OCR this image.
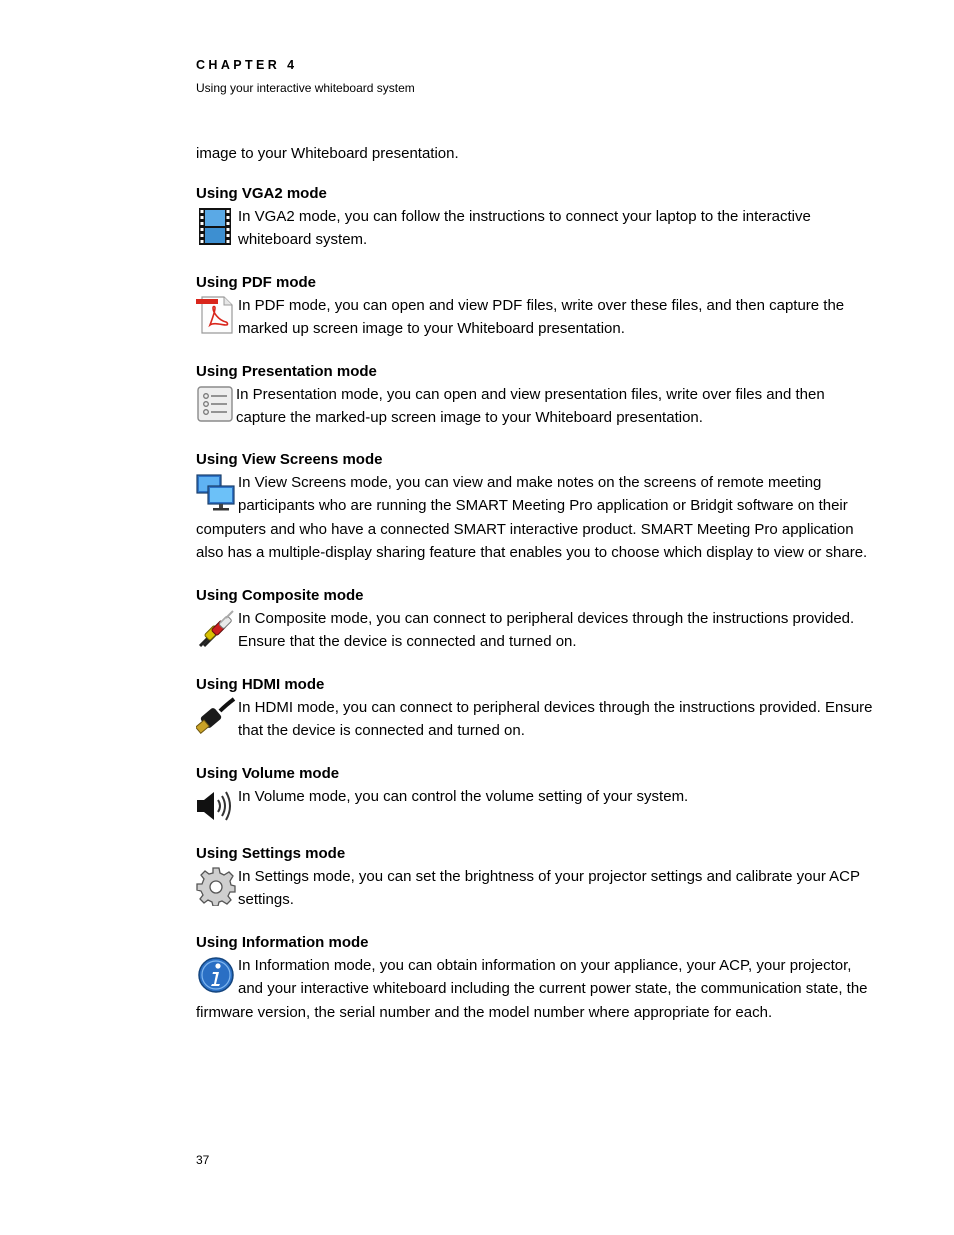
CHAPTER 4
Using your interactive whiteboard system
image to your Whiteboard presentation.
Using VGA2 mode

In VGA2 mode, you can follow the instructions to connect your laptop to the interactive whiteboard system.

Using PDF mode

In PDF mode, you can open and view PDF files, write over these files, and then capture the marked up screen image to your Whiteboard presentation.

Using Presentation mode

In Presentation mode, you can open and view presentation files, write over files and then capture the marked-up screen image to your Whiteboard presentation.

Using View Screens mode

In View Screens mode, you can view and make notes on the screens of remote meeting participants who are running the SMART Meeting Pro application or Bridgit software on their computers and who have a connected SMART interactive product. SMART Meeting Pro application also has a multiple-display sharing feature that enables you to choose which display to view or share.

Using Composite mode

In Composite mode, you can connect to peripheral devices through the instructions provided. Ensure that the device is connected and turned on.

Using HDMI mode

In HDMI mode, you can connect to peripheral devices through the instructions provided. Ensure that the device is connected and turned on.

Using Volume mode

In Volume mode, you can control the volume setting of your system.

Using Settings mode

In Settings mode, you can set the brightness of your projector settings and calibrate your ACP settings.

Using Information mode

In Information mode, you can obtain information on your appliance, your ACP, your projector, and your interactive whiteboard including the current power state, the communication state, the firmware version, the serial number and the model number where appropriate for each.

37
